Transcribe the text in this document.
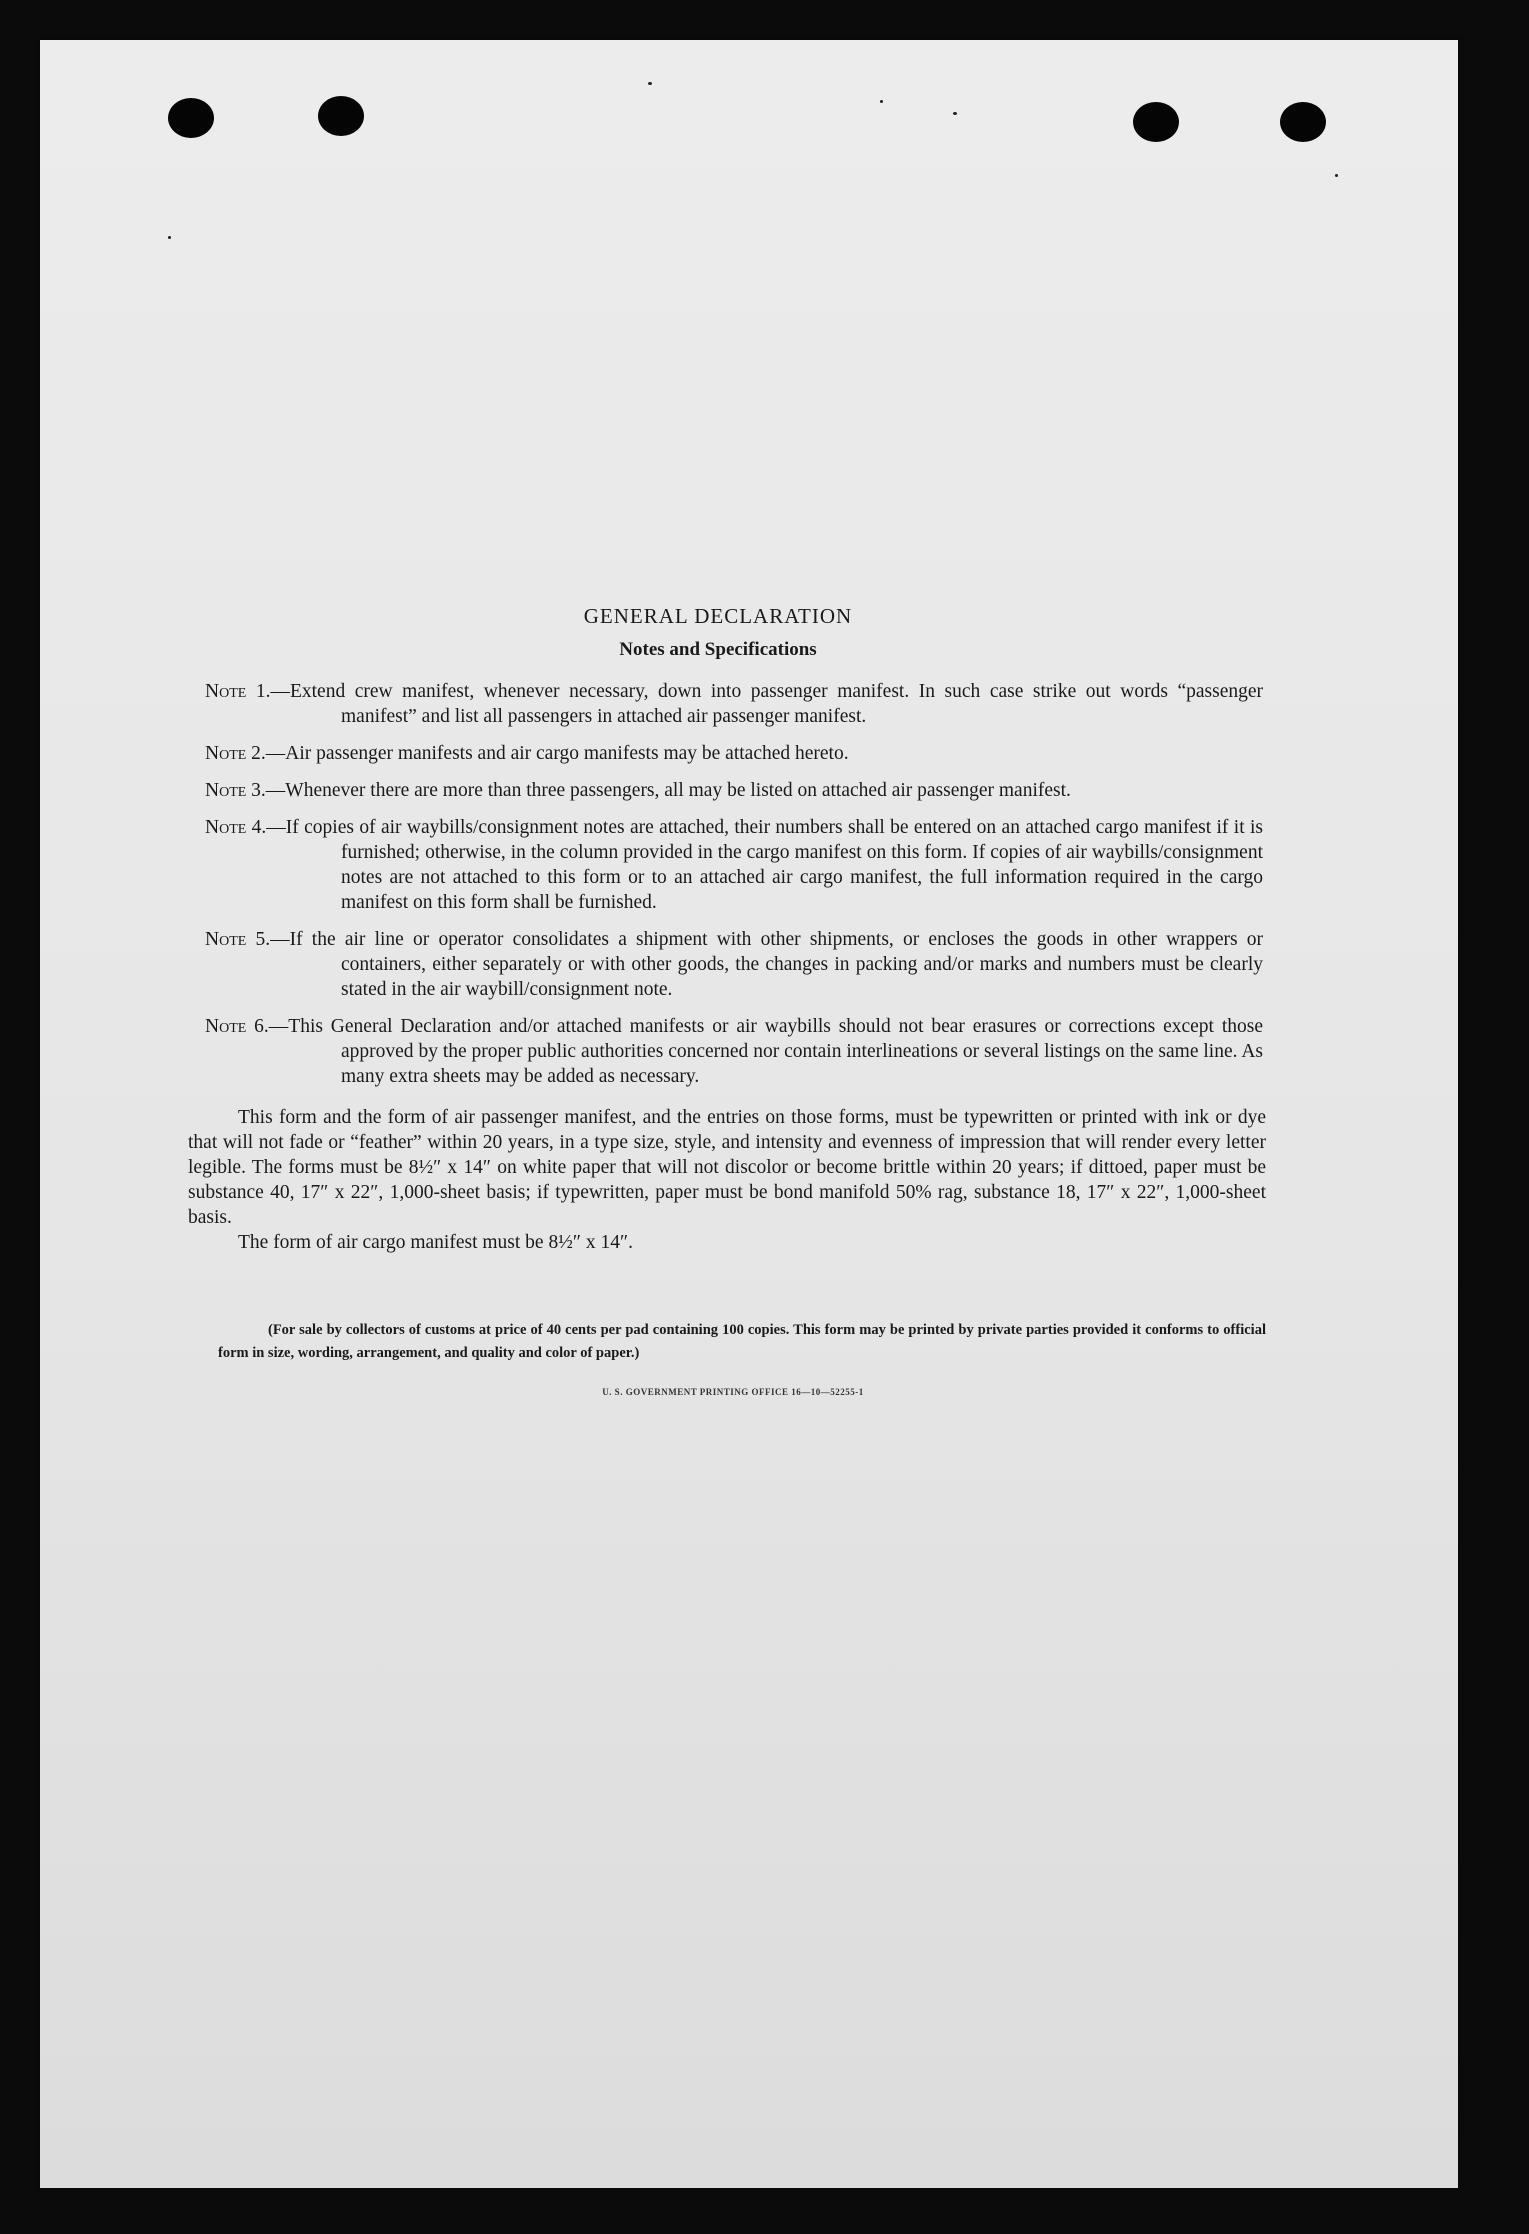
GENERAL DECLARATION
Notes and Specifications
Note 1.—Extend crew manifest, whenever necessary, down into passenger manifest. In such case strike out words “passenger manifest” and list all passengers in attached air passenger manifest.
Note 2.—Air passenger manifests and air cargo manifests may be attached hereto.
Note 3.—Whenever there are more than three passengers, all may be listed on attached air passenger manifest.
Note 4.—If copies of air waybills/consignment notes are attached, their numbers shall be entered on an attached cargo manifest if it is furnished; otherwise, in the column provided in the cargo manifest on this form. If copies of air waybills/consignment notes are not attached to this form or to an attached air cargo manifest, the full information required in the cargo manifest on this form shall be furnished.
Note 5.—If the air line or operator consolidates a shipment with other shipments, or encloses the goods in other wrappers or containers, either separately or with other goods, the changes in packing and/or marks and numbers must be clearly stated in the air waybill/consignment note.
Note 6.—This General Declaration and/or attached manifests or air waybills should not bear erasures or corrections except those approved by the proper public authorities concerned nor contain interlineations or several listings on the same line. As many extra sheets may be added as necessary.
This form and the form of air passenger manifest, and the entries on those forms, must be typewritten or printed with ink or dye that will not fade or “feather” within 20 years, in a type size, style, and intensity and evenness of impression that will render every letter legible. The forms must be 8½″ x 14″ on white paper that will not discolor or become brittle within 20 years; if dittoed, paper must be substance 40, 17″ x 22″, 1,000-sheet basis; if typewritten, paper must be bond manifold 50% rag, substance 18, 17″ x 22″, 1,000-sheet basis.
The form of air cargo manifest must be 8½″ x 14″.
(For sale by collectors of customs at price of 40 cents per pad containing 100 copies. This form may be printed by private parties provided it conforms to official form in size, wording, arrangement, and quality and color of paper.)
U. S. GOVERNMENT PRINTING OFFICE 16—10—52255-1
